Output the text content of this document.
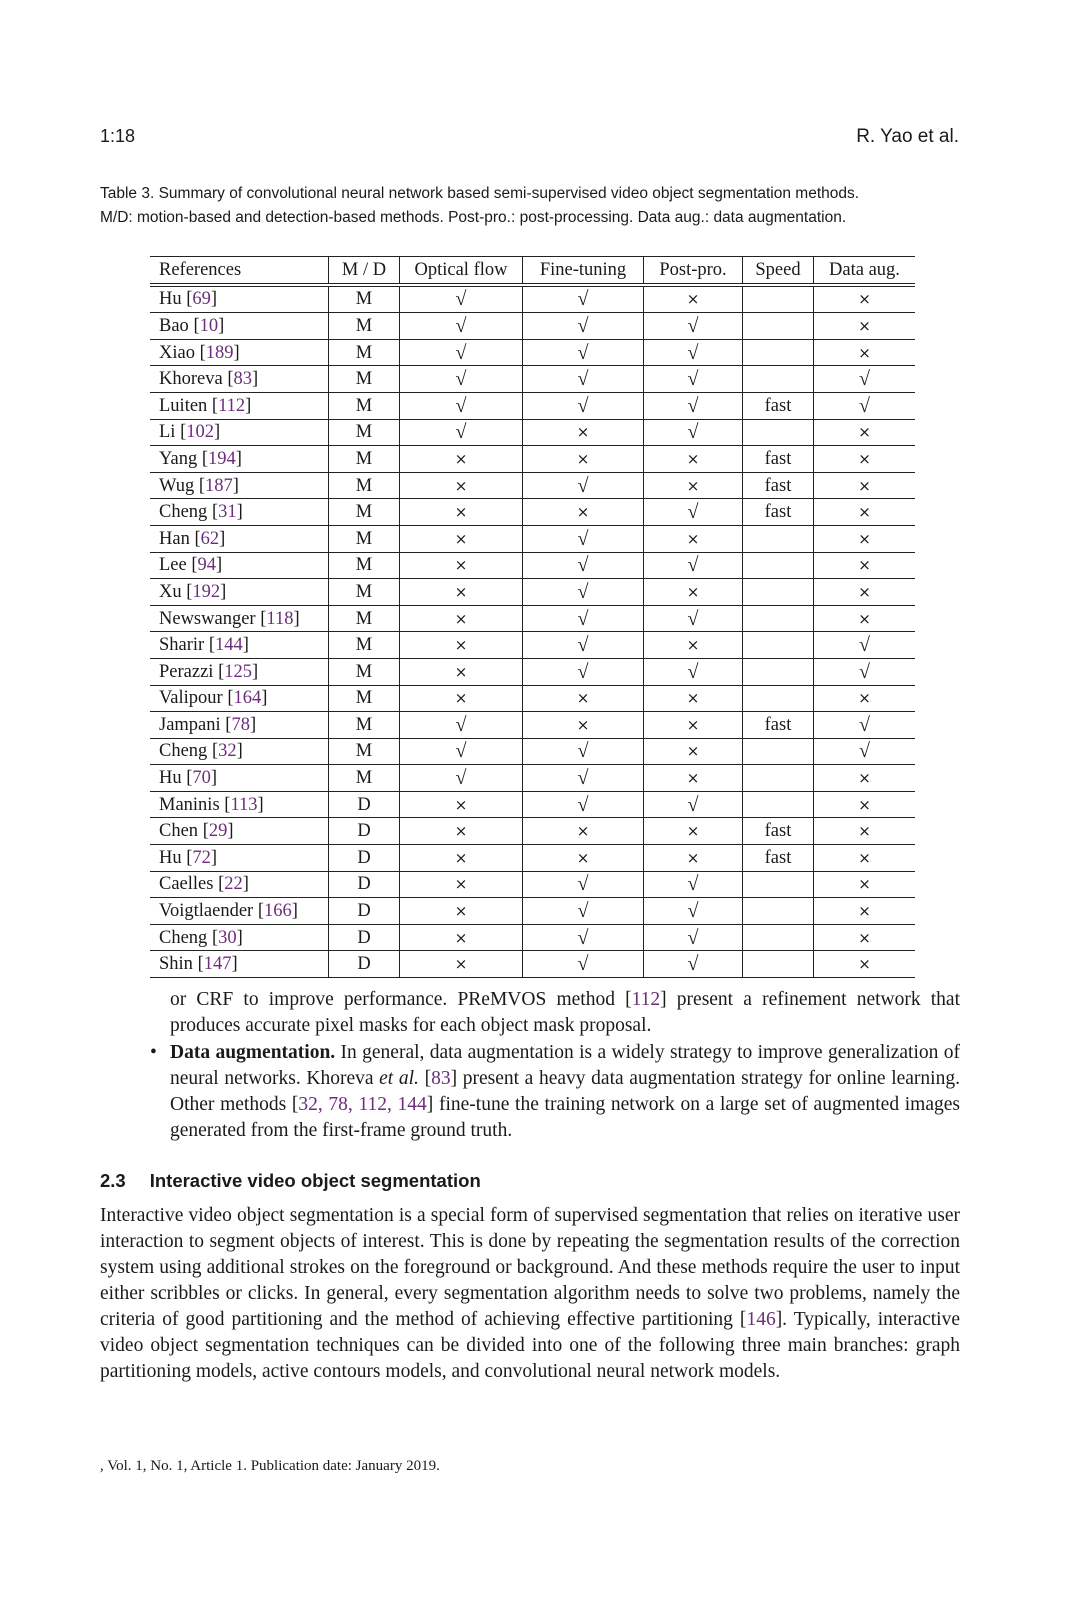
1:18	R. Yao et al.
Table 3. Summary of convolutional neural network based semi-supervised video object segmentation methods.
M/D: motion-based and detection-based methods. Post-pro.: post-processing. Data aug.: data augmentation.
References	M / D	Optical flow	Fine-tuning	Post-pro.	Speed	Data aug.
Hu [69]	M	√	√	×		×
Bao [10]	M	√	√	√		×
Xiao [189]	M	√	√	√		×
Khoreva [83]	M	√	√	√		√
Luiten [112]	M	√	√	√	fast	√
Li [102]	M	√	×	√		×
Yang [194]	M	×	×	×	fast	×
Wug [187]	M	×	√	×	fast	×
Cheng [31]	M	×	×	√	fast	×
Han [62]	M	×	√	×		×
Lee [94]	M	×	√	√		×
Xu [192]	M	×	√	×		×
Newswanger [118]	M	×	√	√		×
Sharir [144]	M	×	√	×		√
Perazzi [125]	M	×	√	√		√
Valipour [164]	M	×	×	×		×
Jampani [78]	M	√	×	×	fast	√
Cheng [32]	M	√	√	×		√
Hu [70]	M	√	√	×		×
Maninis [113]	D	×	√	√		×
Chen [29]	D	×	×	×	fast	×
Hu [72]	D	×	×	×	fast	×
Caelles [22]	D	×	√	√		×
Voigtlaender [166]	D	×	√	√		×
Cheng [30]	D	×	√	√		×
Shin [147]	D	×	√	√		×
or CRF to improve performance. PReMVOS method [112] present a refinement network that produces accurate pixel masks for each object mask proposal.
• Data augmentation. In general, data augmentation is a widely strategy to improve generalization of neural networks. Khoreva et al. [83] present a heavy data augmentation strategy for online learning. Other methods [32, 78, 112, 144] fine-tune the training network on a large set of augmented images generated from the first-frame ground truth.
2.3 Interactive video object segmentation
Interactive video object segmentation is a special form of supervised segmentation that relies on iterative user interaction to segment objects of interest. This is done by repeating the segmentation results of the correction system using additional strokes on the foreground or background. And these methods require the user to input either scribbles or clicks. In general, every segmentation algorithm needs to solve two problems, namely the criteria of good partitioning and the method of achieving effective partitioning [146]. Typically, interactive video object segmentation techniques can be divided into one of the following three main branches: graph partitioning models, active contours models, and convolutional neural network models.
, Vol. 1, No. 1, Article 1. Publication date: January 2019.
